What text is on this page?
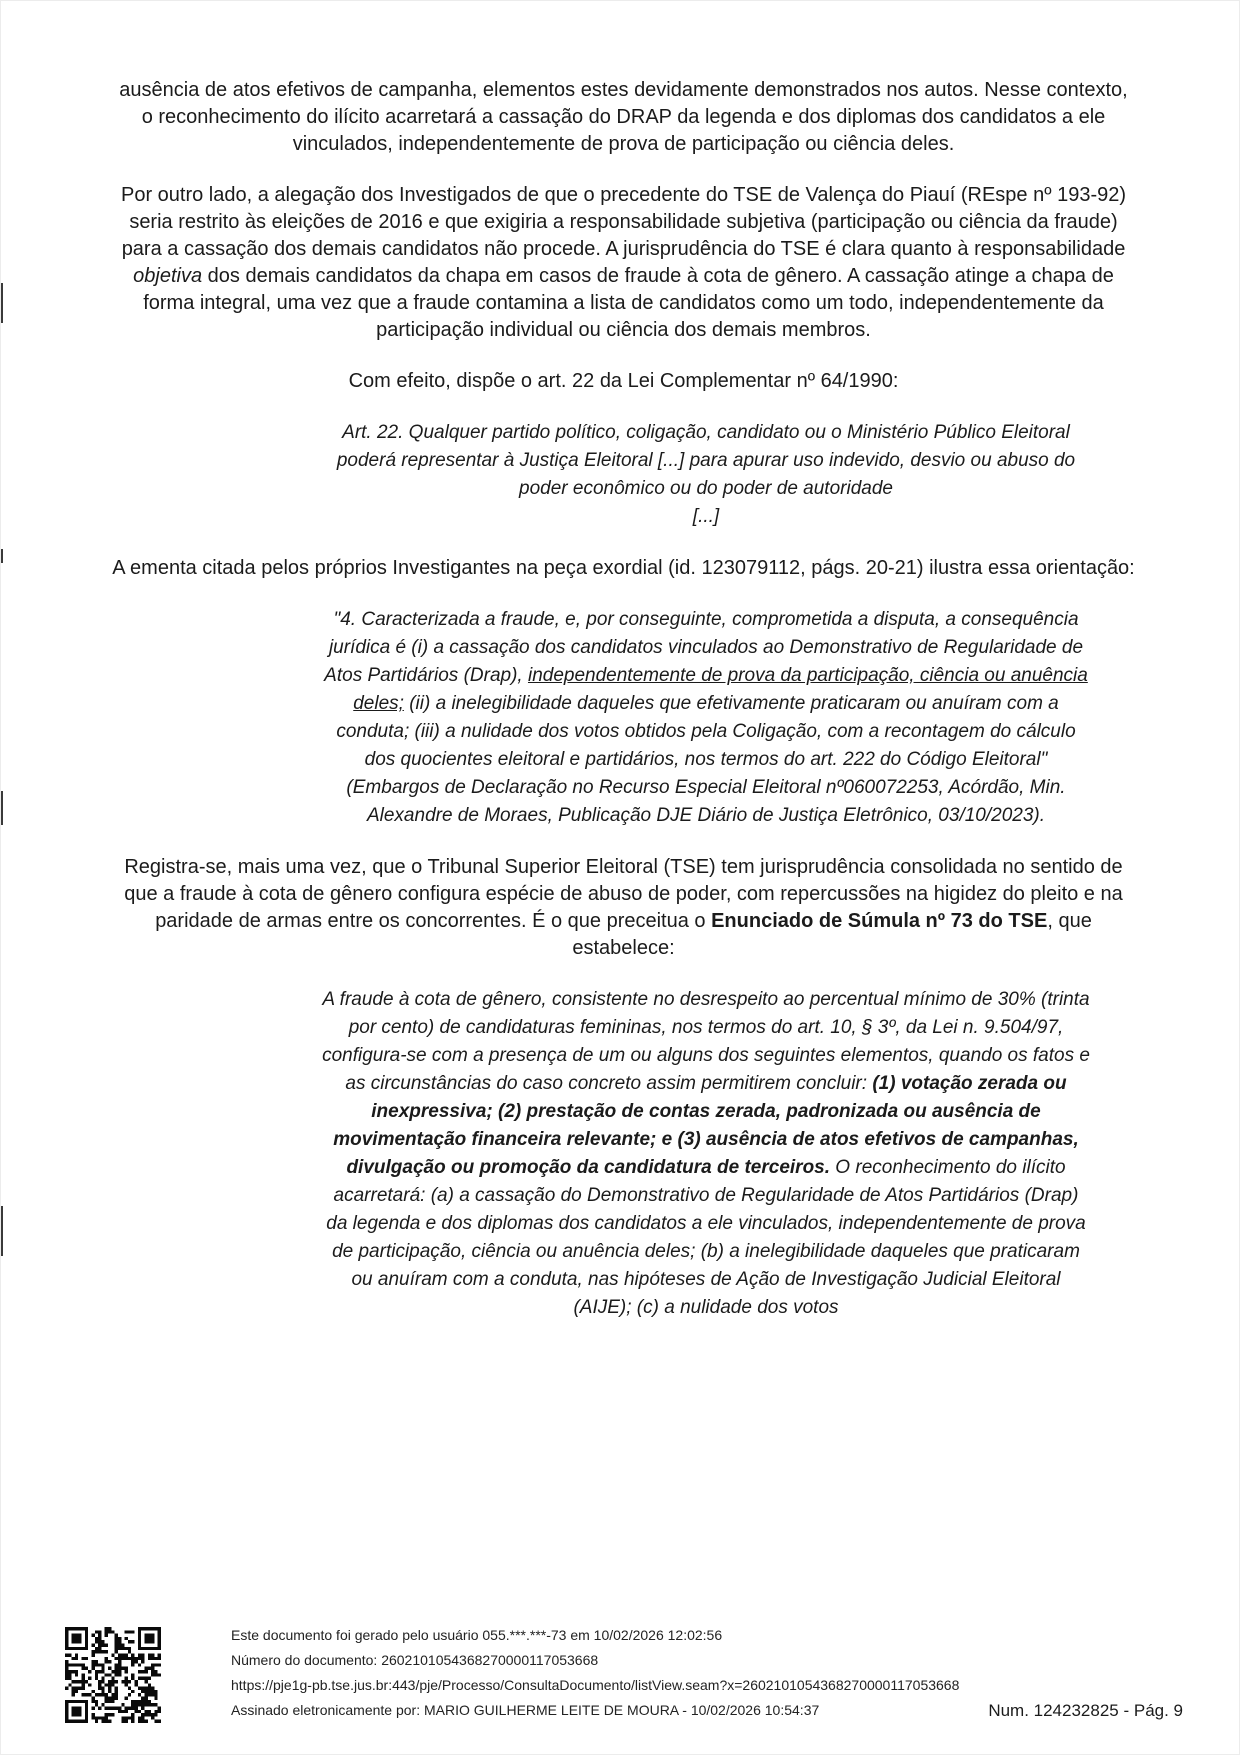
ausência de atos efetivos de campanha, elementos estes devidamente demonstrados nos autos. Nesse contexto, o reconhecimento do ilícito acarretará a cassação do DRAP da legenda e dos diplomas dos candidatos a ele vinculados, independentemente de prova de participação ou ciência deles.

Por outro lado, a alegação dos Investigados de que o precedente do TSE de Valença do Piauí (REspe nº 193-92) seria restrito às eleições de 2016 e que exigiria a responsabilidade subjetiva (participação ou ciência da fraude) para a cassação dos demais candidatos não procede. A jurisprudência do TSE é clara quanto à responsabilidade objetiva dos demais candidatos da chapa em casos de fraude à cota de gênero. A cassação atinge a chapa de forma integral, uma vez que a fraude contamina a lista de candidatos como um todo, independentemente da participação individual ou ciência dos demais membros.

Com efeito, dispõe o art. 22 da Lei Complementar nº 64/1990:

Art. 22. Qualquer partido político, coligação, candidato ou o Ministério Público Eleitoral poderá representar à Justiça Eleitoral [...] para apurar uso indevido, desvio ou abuso do poder econômico ou do poder de autoridade
[...]

A ementa citada pelos próprios Investigantes na peça exordial (id. 123079112, págs. 20-21) ilustra essa orientação:

"4. Caracterizada a fraude, e, por conseguinte, comprometida a disputa, a consequência jurídica é (i) a cassação dos candidatos vinculados ao Demonstrativo de Regularidade de Atos Partidários (Drap), independentemente de prova da participação, ciência ou anuência deles; (ii) a inelegibilidade daqueles que efetivamente praticaram ou anuíram com a conduta; (iii) a nulidade dos votos obtidos pela Coligação, com a recontagem do cálculo dos quocientes eleitoral e partidários, nos termos do art. 222 do Código Eleitoral" (Embargos de Declaração no Recurso Especial Eleitoral nº060072253, Acórdão, Min. Alexandre de Moraes, Publicação DJE Diário de Justiça Eletrônico, 03/10/2023).

Registra-se, mais uma vez, que o Tribunal Superior Eleitoral (TSE) tem jurisprudência consolidada no sentido de que a fraude à cota de gênero configura espécie de abuso de poder, com repercussões na higidez do pleito e na paridade de armas entre os concorrentes. É o que preceitua o Enunciado de Súmula nº 73 do TSE, que estabelece:

A fraude à cota de gênero, consistente no desrespeito ao percentual mínimo de 30% (trinta por cento) de candidaturas femininas, nos termos do art. 10, § 3º, da Lei n. 9.504/97, configura-se com a presença de um ou alguns dos seguintes elementos, quando os fatos e as circunstâncias do caso concreto assim permitirem concluir: (1) votação zerada ou inexpressiva; (2) prestação de contas zerada, padronizada ou ausência de movimentação financeira relevante; e (3) ausência de atos efetivos de campanhas, divulgação ou promoção da candidatura de terceiros. O reconhecimento do ilícito acarretará: (a) a cassação do Demonstrativo de Regularidade de Atos Partidários (Drap) da legenda e dos diplomas dos candidatos a ele vinculados, independentemente de prova de participação, ciência ou anuência deles; (b) a inelegibilidade daqueles que praticaram ou anuíram com a conduta, nas hipóteses de Ação de Investigação Judicial Eleitoral (AIJE); (c) a nulidade dos votos
Este documento foi gerado pelo usuário 055.***.***-73 em 10/02/2026 12:02:56
Número do documento: 2602101054368270000117053668
https://pje1g-pb.tse.jus.br:443/pje/Processo/ConsultaDocumento/listView.seam?x=2602101054368270000117053668
Assinado eletronicamente por: MARIO GUILHERME LEITE DE MOURA - 10/02/2026 10:54:37	Num. 124232825 - Pág. 9
